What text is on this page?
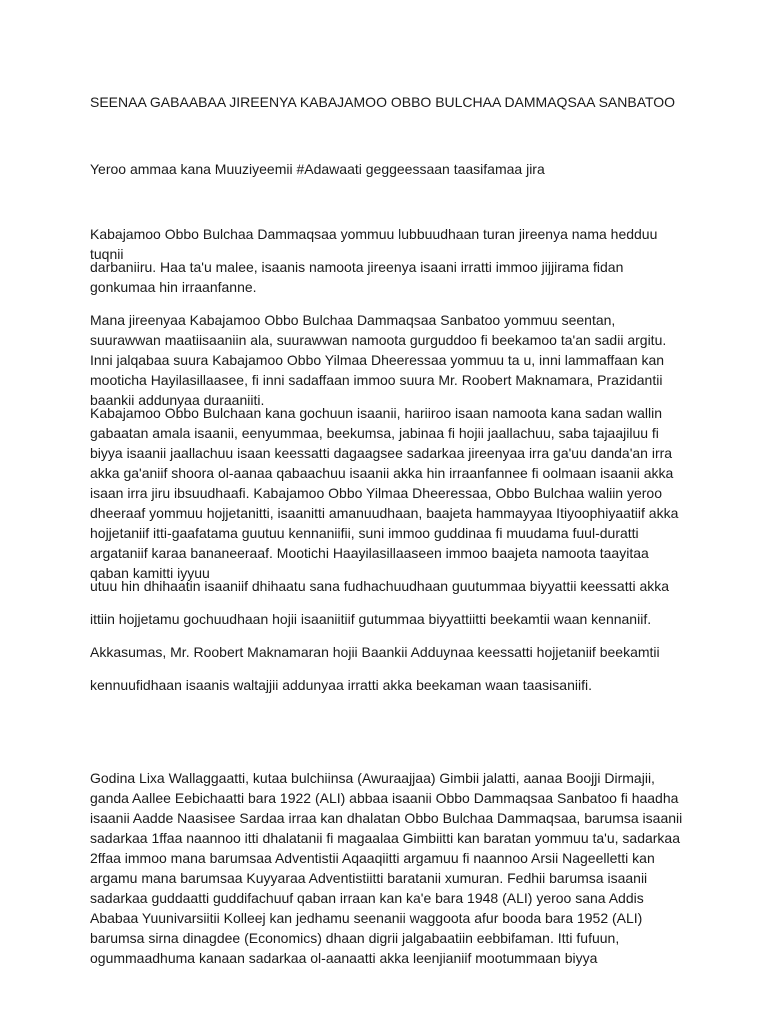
SEENAA GABAABAA JIREENYA KABAJAMOO OBBO BULCHAA DAMMAQSAA SANBATOO

Yeroo ammaa kana Muuziyeemii #Adawaati geggeessaan taasifamaa jira

Kabajamoo Obbo Bulchaa Dammaqsaa yommuu lubbuudhaan turan jireenya nama hedduu tuqnii

darbaniiru. Haa ta'u malee, isaanis namoota jireenya isaani irratti immoo jijjirama fidan gonkumaa hin irraanfanne.

Mana jireenyaa Kabajamoo Obbo Bulchaa Dammaqsaa Sanbatoo yommuu seentan, suurawwan maatiisaaniin ala, suurawwan namoota gurguddoo fi beekamoo ta'an sadii argitu. Inni jalqabaa suura Kabajamoo Obbo Yilmaa Dheeressaa yommuu ta u, inni lammaffaan kan mooticha Hayilasillaasee, fi inni sadaffaan immoo suura Mr. Roobert Maknamara, Prazidantii baankii addunyaa duraaniiti.

Kabajamoo Obbo Bulchaan kana gochuun isaanii, hariiroo isaan namoota kana sadan wallin gabaatan amala isaanii, eenyummaa, beekumsa, jabinaa fi hojii jaallachuu, saba tajaajiluu fi biyya isaanii jaallachuu isaan keessatti dagaagsee sadarkaa jireenyaa irra ga'uu danda'an irra akka ga'aniif shoora ol-aanaa qabaachuu isaanii akka hin irraanfannee fi oolmaan isaanii akka isaan irra jiru ibsuudhaafi. Kabajamoo Obbo Yilmaa Dheeressaa, Obbo Bulchaa waliin yeroo dheeraaf yommuu hojjetanitti, isaanitti amanuudhaan, baajeta hammayyaa Itiyoophiyaatiif akka hojjetaniif itti-gaafatama guutuu kennaniifii, suni immoo guddinaa fi muudama fuul-duratti argataniif karaa bananeeraaf. Mootichi Haayilasillaaseen immoo baajeta namoota taayitaa qaban kamitti iyyuu

utuu hin dhihaatin isaaniif dhihaatu sana fudhachuudhaan guutummaa biyyattii keessatti akka

ittiin hojjetamu gochuudhaan hojii isaaniitiif gutummaa biyyattiitti beekamtii waan kennaniif.

Akkasumas, Mr. Roobert Maknamaran hojii Baankii Adduynaa keessatti hojjetaniif beekamtii

kennuufidhaan isaanis waltajjii addunyaa irratti akka beekaman waan taasisaniifi.

Godina Lixa Wallaggaatti, kutaa bulchiinsa (Awuraajjaa) Gimbii jalatti, aanaa Boojji Dirmajii, ganda Aallee Eebichaatti bara 1922 (ALI) abbaa isaanii Obbo Dammaqsaa Sanbatoo fi haadha isaanii Aadde Naasisee Sardaa irraa kan dhalatan Obbo Bulchaa Dammaqsaa, barumsa isaanii sadarkaa 1ffaa naannoo itti dhalatanii fi magaalaa Gimbiitti kan baratan yommuu ta'u, sadarkaa 2ffaa immoo mana barumsaa Adventistii Aqaaqiitti argamuu fi naannoo Arsii Nageelletti kan argamu mana barumsaa Kuyyaraa Adventistiitti baratanii xumuran. Fedhii barumsa isaanii sadarkaa guddaatti guddifachuuf qaban irraan kan ka'e bara 1948 (ALI) yeroo sana Addis Ababaa Yuunivarsiitii Kolleej kan jedhamu seenanii waggoota afur booda bara 1952 (ALI) barumsa sirna dinagdee (Economics) dhaan digrii jalgabaatiin eebbifaman. Itti fufuun, ogummaadhuma kanaan sadarkaa ol-aanaatti akka leenjianiif mootummaan biyya
